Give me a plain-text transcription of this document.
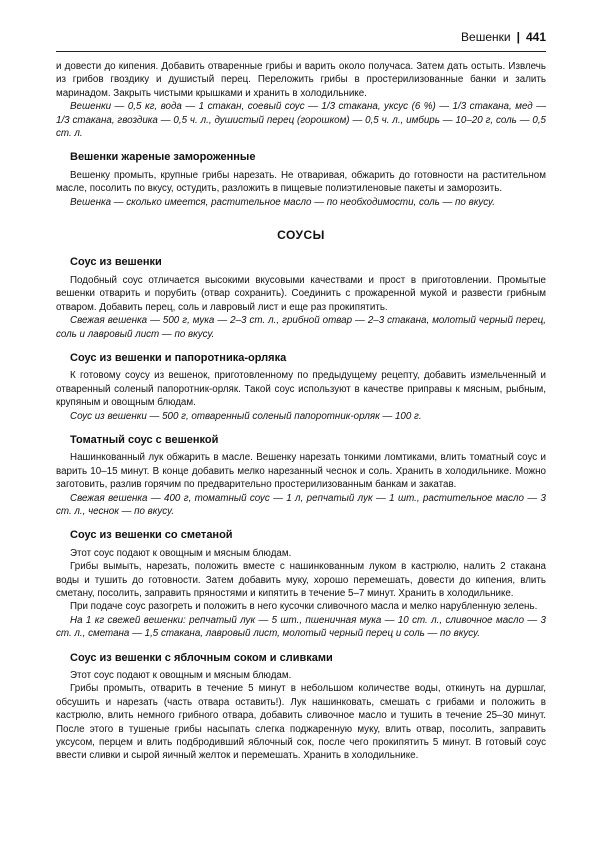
Вешенки | 441

и довести до кипения. Добавить отваренные грибы и варить около получаса. Затем дать остыть. Извлечь из грибов гвоздику и душистый перец. Переложить грибы в простерилизованные банки и залить маринадом. Закрыть чистыми крышками и хранить в холодильнике.

Вешенки — 0,5 кг, вода — 1 стакан, соевый соус — 1/3 стакана, уксус (6 %) — 1/3 стакана, мед — 1/3 стакана, гвоздика — 0,5 ч. л., душистый перец (горошком) — 0,5 ч. л., имбирь — 10–20 г, соль — 0,5 ст. л.

Вешенки жареные замороженные

Вешенку промыть, крупные грибы нарезать. Не отваривая, обжарить до готовности на растительном масле, посолить по вкусу, остудить, разложить в пищевые полиэтиленовые пакеты и заморозить.

Вешенка — сколько имеется, растительное масло — по необходимости, соль — по вкусу.

СОУСЫ
Соус из вешенки

Подобный соус отличается высокими вкусовыми качествами и прост в приготовлении. Промытые вешенки отварить и порубить (отвар сохранить). Соединить с прожаренной мукой и развести грибным отваром. Добавить перец, соль и лавровый лист и еще раз прокипятить.

Свежая вешенка — 500 г, мука — 2–3 ст. л., грибной отвар — 2–3 стакана, молотый черный перец, соль и лавровый лист — по вкусу.

Соус из вешенки и папоротника-орляка

К готовому соусу из вешенок, приготовленному по предыдущему рецепту, добавить измельченный и отваренный соленый папоротник-орляк. Такой соус используют в качестве приправы к мясным, рыбным, крупяным и овощным блюдам.

Соус из вешенки — 500 г, отваренный соленый папоротник-орляк — 100 г.

Томатный соус с вешенкой

Нашинкованный лук обжарить в масле. Вешенку нарезать тонкими ломтиками, влить томатный соус и варить 10–15 минут. В конце добавить мелко нарезанный чеснок и соль. Хранить в холодильнике. Можно заготовить, разлив горячим по предварительно простерилизованным банкам и закатав.

Свежая вешенка — 400 г, томатный соус — 1 л, репчатый лук — 1 шт., растительное масло — 3 ст. л., чеснок — по вкусу.

Соус из вешенки со сметаной

Этот соус подают к овощным и мясным блюдам.

Грибы вымыть, нарезать, положить вместе с нашинкованным луком в кастрюлю, налить 2 стакана воды и тушить до готовности. Затем добавить муку, хорошо перемешать, довести до кипения, влить сметану, посолить, заправить пряностями и кипятить в течение 5–7 минут. Хранить в холодильнике.

При подаче соус разогреть и положить в него кусочки сливочного масла и мелко нарубленную зелень.

На 1 кг свежей вешенки: репчатый лук — 5 шт., пшеничная мука — 10 ст. л., сливочное масло — 3 ст. л., сметана — 1,5 стакана, лавровый лист, молотый черный перец и соль — по вкусу.

Соус из вешенки с яблочным соком и сливками

Этот соус подают к овощным и мясным блюдам.

Грибы промыть, отварить в течение 5 минут в небольшом количестве воды, откинуть на дуршлаг, обсушить и нарезать (часть отвара оставить!). Лук нашинковать, смешать с грибами и положить в кастрюлю, влить немного грибного отвара, добавить сливочное масло и тушить в течение 25–30 минут. После этого в тушеные грибы насыпать слегка поджаренную муку, влить отвар, посолить, заправить уксусом, перцем и влить подбродивший яблочный сок, после чего прокипятить 5 минут. В готовый соус ввести сливки и сырой яичный желток и перемешать. Хранить в холодильнике.
